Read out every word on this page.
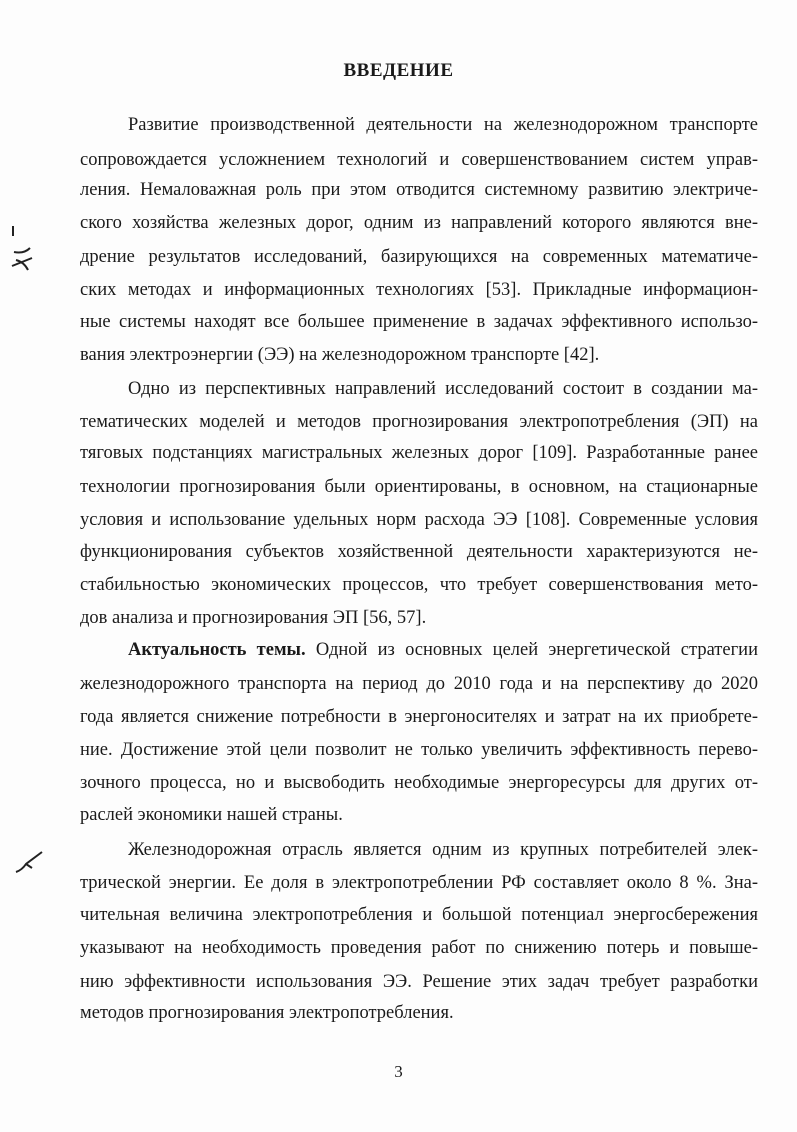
ВВЕДЕНИЕ
Развитие производственной деятельности на железнодорожном транспорте
сопровождается усложнением технологий и совершенствованием систем управ-
ления. Немаловажная роль при этом отводится системному развитию электриче-
ского хозяйства железных дорог, одним из направлений которого являются вне-
дрение результатов исследований, базирующихся на современных математиче-
ских методах и информационных технологиях [53]. Прикладные информацион-
ные системы находят все большее применение в задачах эффективного использо-
вания электроэнергии (ЭЭ) на железнодорожном транспорте [42].
Одно из перспективных направлений исследований состоит в создании ма-
тематических моделей и методов прогнозирования электропотребления (ЭП) на
тяговых подстанциях магистральных железных дорог [109]. Разработанные ранее
технологии прогнозирования были ориентированы, в основном, на стационарные
условия и использование удельных норм расхода ЭЭ [108]. Современные условия
функционирования субъектов хозяйственной деятельности характеризуются не-
стабильностью экономических процессов, что требует совершенствования мето-
дов анализа и прогнозирования ЭП [56, 57].
Актуальность темы. Одной из основных целей энергетической стратегии
железнодорожного транспорта на период до 2010 года и на перспективу до 2020
года является снижение потребности в энергоносителях и затрат на их приобрете-
ние. Достижение этой цели позволит не только увеличить эффективность перево-
зочного процесса, но и высвободить необходимые энергоресурсы для других от-
раслей экономики нашей страны.
Железнодорожная отрасль является одним из крупных потребителей элек-
трической энергии. Ее доля в электропотреблении РФ составляет около 8 %. Зна-
чительная величина электропотребления и большой потенциал энергосбережения
указывают на необходимость проведения работ по снижению потерь и повыше-
нию эффективности использования ЭЭ. Решение этих задач требует разработки
методов прогнозирования электропотребления.
3
